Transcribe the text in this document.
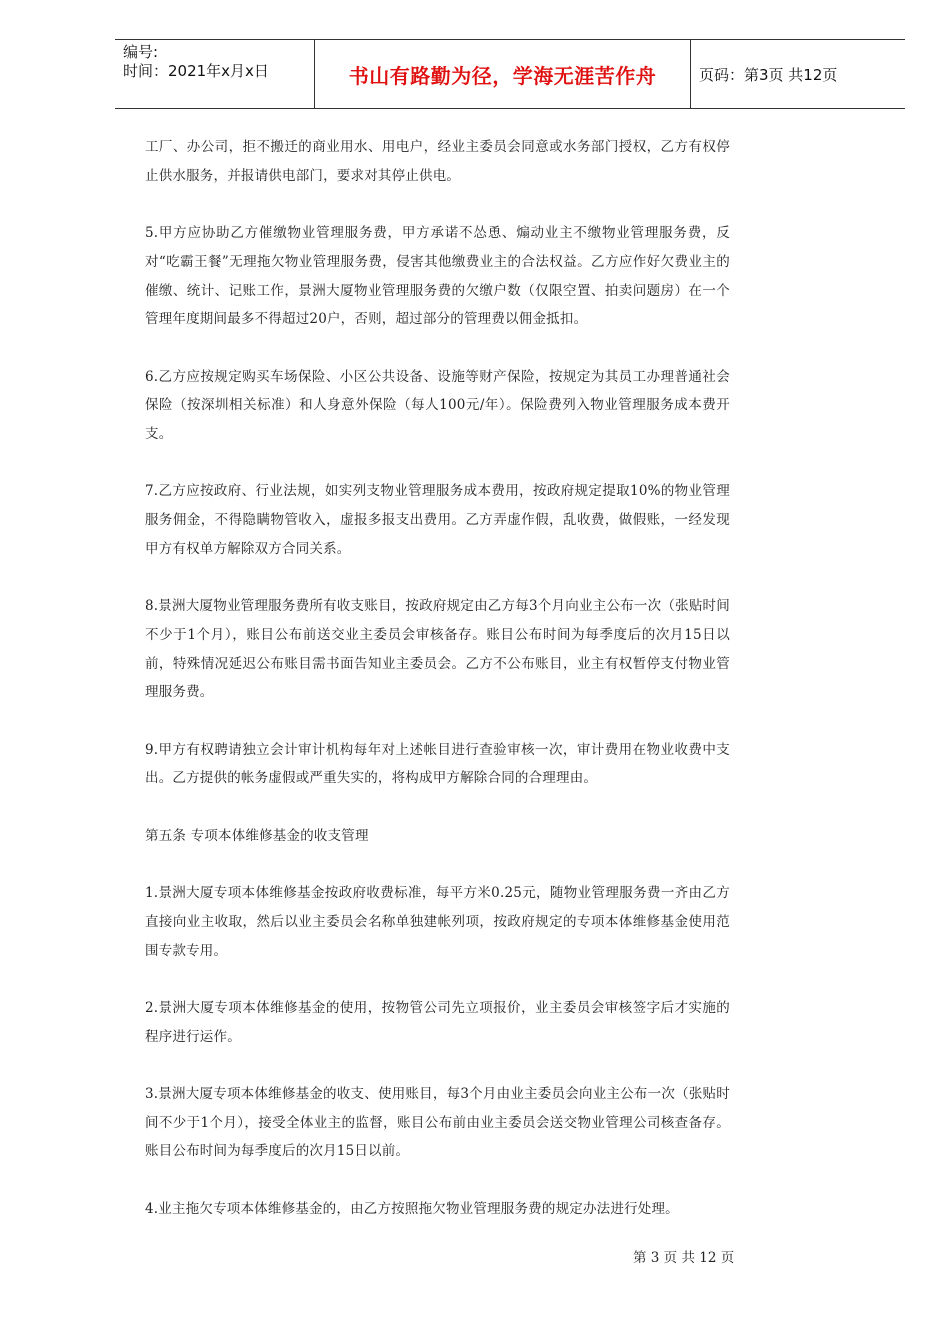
编号:
时间：2021年x月x日	书山有路勤为径，学海无涯苦作舟	页码：第3页 共12页

工厂、办公司，拒不搬迁的商业用水、用电户，经业主委员会同意或水务部门授权，乙方有权停止供水服务，并报请供电部门，要求对其停止供电。

5.甲方应协助乙方催缴物业管理服务费，甲方承诺不怂恿、煽动业主不缴物业管理服务费，反对“吃霸王餐”无理拖欠物业管理服务费，侵害其他缴费业主的合法权益。乙方应作好欠费业主的催缴、统计、记账工作，景洲大厦物业管理服务费的欠缴户数（仅限空置、拍卖问题房）在一个管理年度期间最多不得超过20户，否则，超过部分的管理费以佣金抵扣。

6.乙方应按规定购买车场保险、小区公共设备、设施等财产保险，按规定为其员工办理普通社会保险（按深圳相关标准）和人身意外保险（每人100元/年）。保险费列入物业管理服务成本费开支。

7.乙方应按政府、行业法规，如实列支物业管理服务成本费用，按政府规定提取10%的物业管理服务佣金，不得隐瞒物管收入，虚报多报支出费用。乙方弄虚作假，乱收费，做假账，一经发现甲方有权单方解除双方合同关系。

8.景洲大厦物业管理服务费所有收支账目，按政府规定由乙方每3个月向业主公布一次（张贴时间不少于1个月），账目公布前送交业主委员会审核备存。账目公布时间为每季度后的次月15日以前，特殊情况延迟公布账目需书面告知业主委员会。乙方不公布账目，业主有权暂停支付物业管理服务费。

9.甲方有权聘请独立会计审计机构每年对上述帐目进行查验审核一次，审计费用在物业收费中支出。乙方提供的帐务虚假或严重失实的，将构成甲方解除合同的合理理由。

第五条 专项本体维修基金的收支管理

1.景洲大厦专项本体维修基金按政府收费标准，每平方米0.25元，随物业管理服务费一齐由乙方直接向业主收取，然后以业主委员会名称单独建帐列项，按政府规定的专项本体维修基金使用范围专款专用。

2.景洲大厦专项本体维修基金的使用，按物管公司先立项报价，业主委员会审核签字后才实施的程序进行运作。

3.景洲大厦专项本体维修基金的收支、使用账目，每3个月由业主委员会向业主公布一次（张贴时间不少于1个月），接受全体业主的监督，账目公布前由业主委员会送交物业管理公司核查备存。账目公布时间为每季度后的次月15日以前。

4.业主拖欠专项本体维修基金的，由乙方按照拖欠物业管理服务费的规定办法进行处理。

第 3 页 共 12 页
